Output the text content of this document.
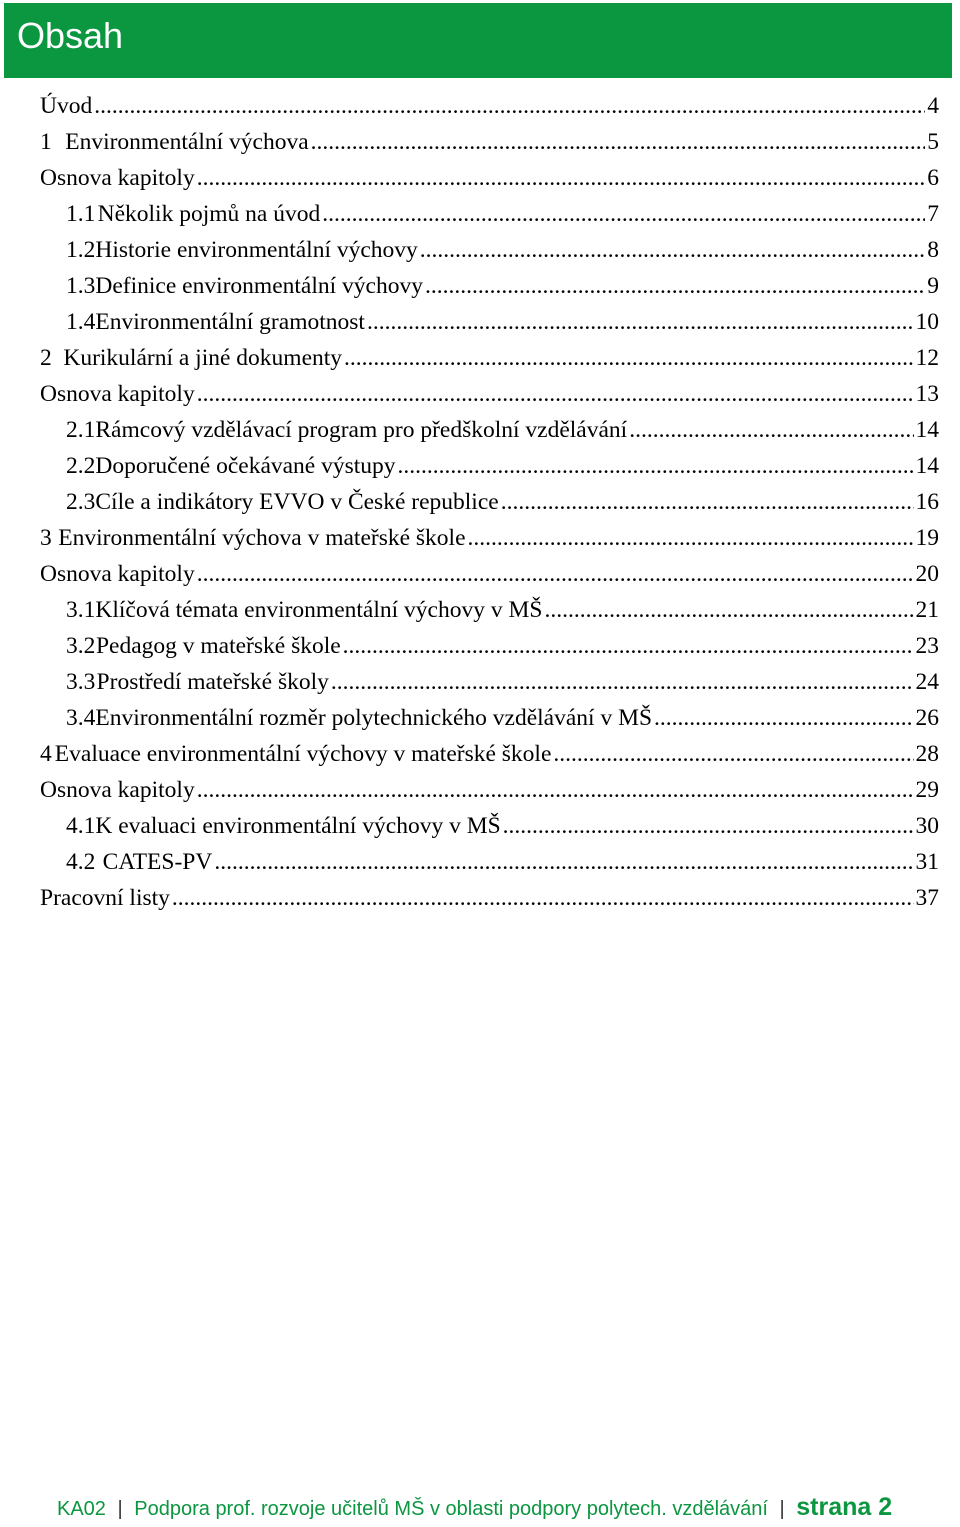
Obsah
Úvod .....	4
1 Environmentální výchova .....	5
Osnova kapitoly .....	6
1.1 Několik pojmů na úvod .....	7
1.2 Historie environmentální výchovy .....	8
1.3 Definice environmentální výchovy .....	9
1.4 Environmentální gramotnost .....	10
2 Kurikulární a jiné dokumenty .....	12
Osnova kapitoly .....	13
2.1 Rámcový vzdělávací program pro předškolní vzdělávání .....	14
2.2 Doporučené očekávané výstupy .....	14
2.3 Cíle a indikátory EVVO v České republice .....	16
3 Environmentální výchova v mateřské škole .....	19
Osnova kapitoly .....	20
3.1 Klíčová témata environmentální výchovy v MŠ .....	21
3.2 Pedagog v mateřské škole .....	23
3.3 Prostředí mateřské školy .....	24
3.4 Environmentální rozměr polytechnického vzdělávání v MŠ .....	26
4 Evaluace environmentální výchovy v mateřské škole .....	28
Osnova kapitoly .....	29
4.1 K evaluaci environmentální výchovy v MŠ .....	30
4.2 CATES-PV .....	31
Pracovní listy .....	37
KA02 | Podpora prof. rozvoje učitelů MŠ v oblasti podpory polytech. vzdělávání | strana 2
